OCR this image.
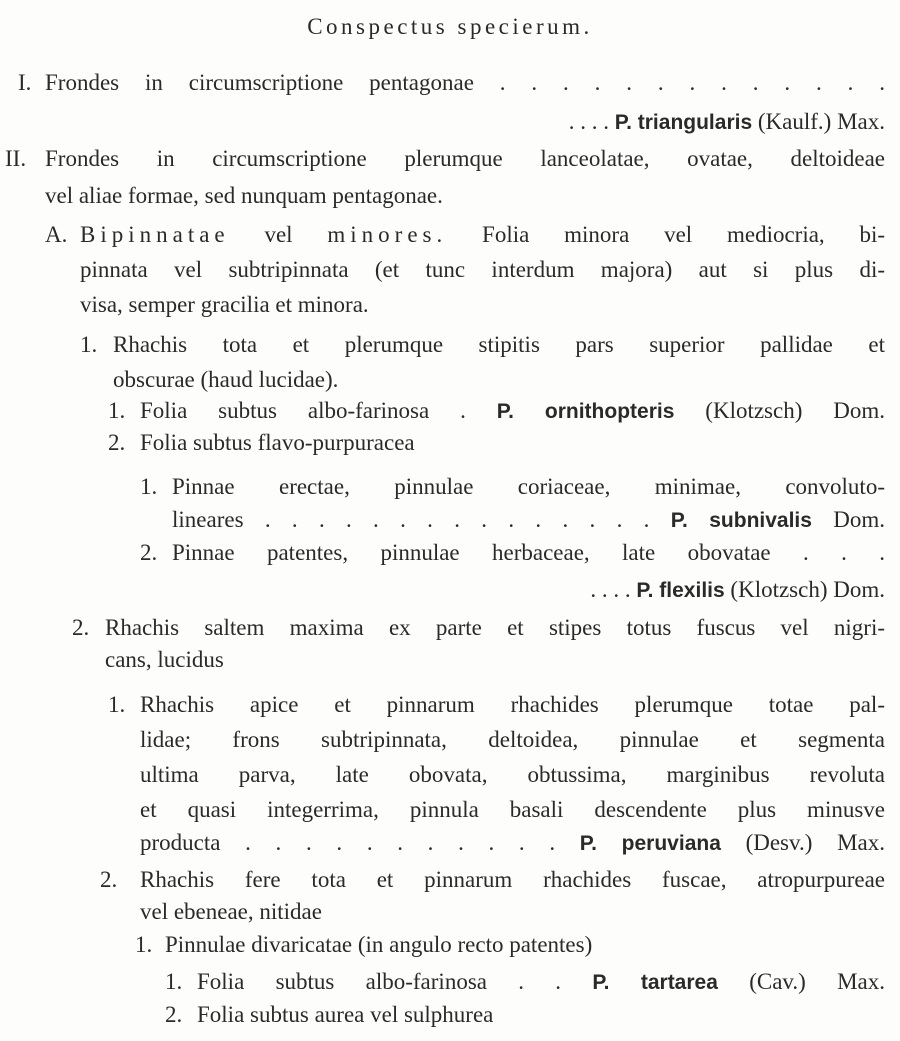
Conspectus specierum.
I. Frondes in circumscriptione pentagonae . . . . . . . . . . . . .
. . . . P. triangularis (Kaulf.) Max.
II. Frondes in circumscriptione plerumque lanceolatae, ovatae, deltoideae
vel aliae formae, sed nunquam pentagonae.
A. Bipinnatae vel minores. Folia minora vel mediocria, bi-
pinnata vel subtripinnata (et tunc interdum majora) aut si plus di-
visa, semper gracilia et minora.
1. Rhachis tota et plerumque stipitis pars superior pallidae et
obscurae (haud lucidae).
1. Folia subtus albo-farinosa . P. ornithopteris (Klotzsch) Dom.
2. Folia subtus flavo-purpuracea
1. Pinnae erectae, pinnulae coriaceae, minimae, convoluto-
lineares . . . . . . . . . . . . . . . P. subnivalis Dom.
2. Pinnae patentes, pinnulae herbaceae, late obovatae . . .
. . . . P. flexilis (Klotzsch) Dom.
2. Rhachis saltem maxima ex parte et stipes totus fuscus vel nigri-
cans, lucidus
1. Rhachis apice et pinnarum rhachides plerumque totae pal-
lidae; frons subtripinnata, deltoidea, pinnulae et segmenta
ultima parva, late obovata, obtussima, marginibus revoluta
et quasi integerrima, pinnula basali descendente plus minusve
producta . . . . . . . . . . . P. peruviana (Desv.) Max.
2. Rhachis fere tota et pinnarum rhachides fuscae, atropurpureae
vel ebeneae, nitidae
1. Pinnulae divaricatae (in angulo recto patentes)
1. Folia subtus albo-farinosa . . P. tartarea (Cav.) Max.
2. Folia subtus aurea vel sulphurea
